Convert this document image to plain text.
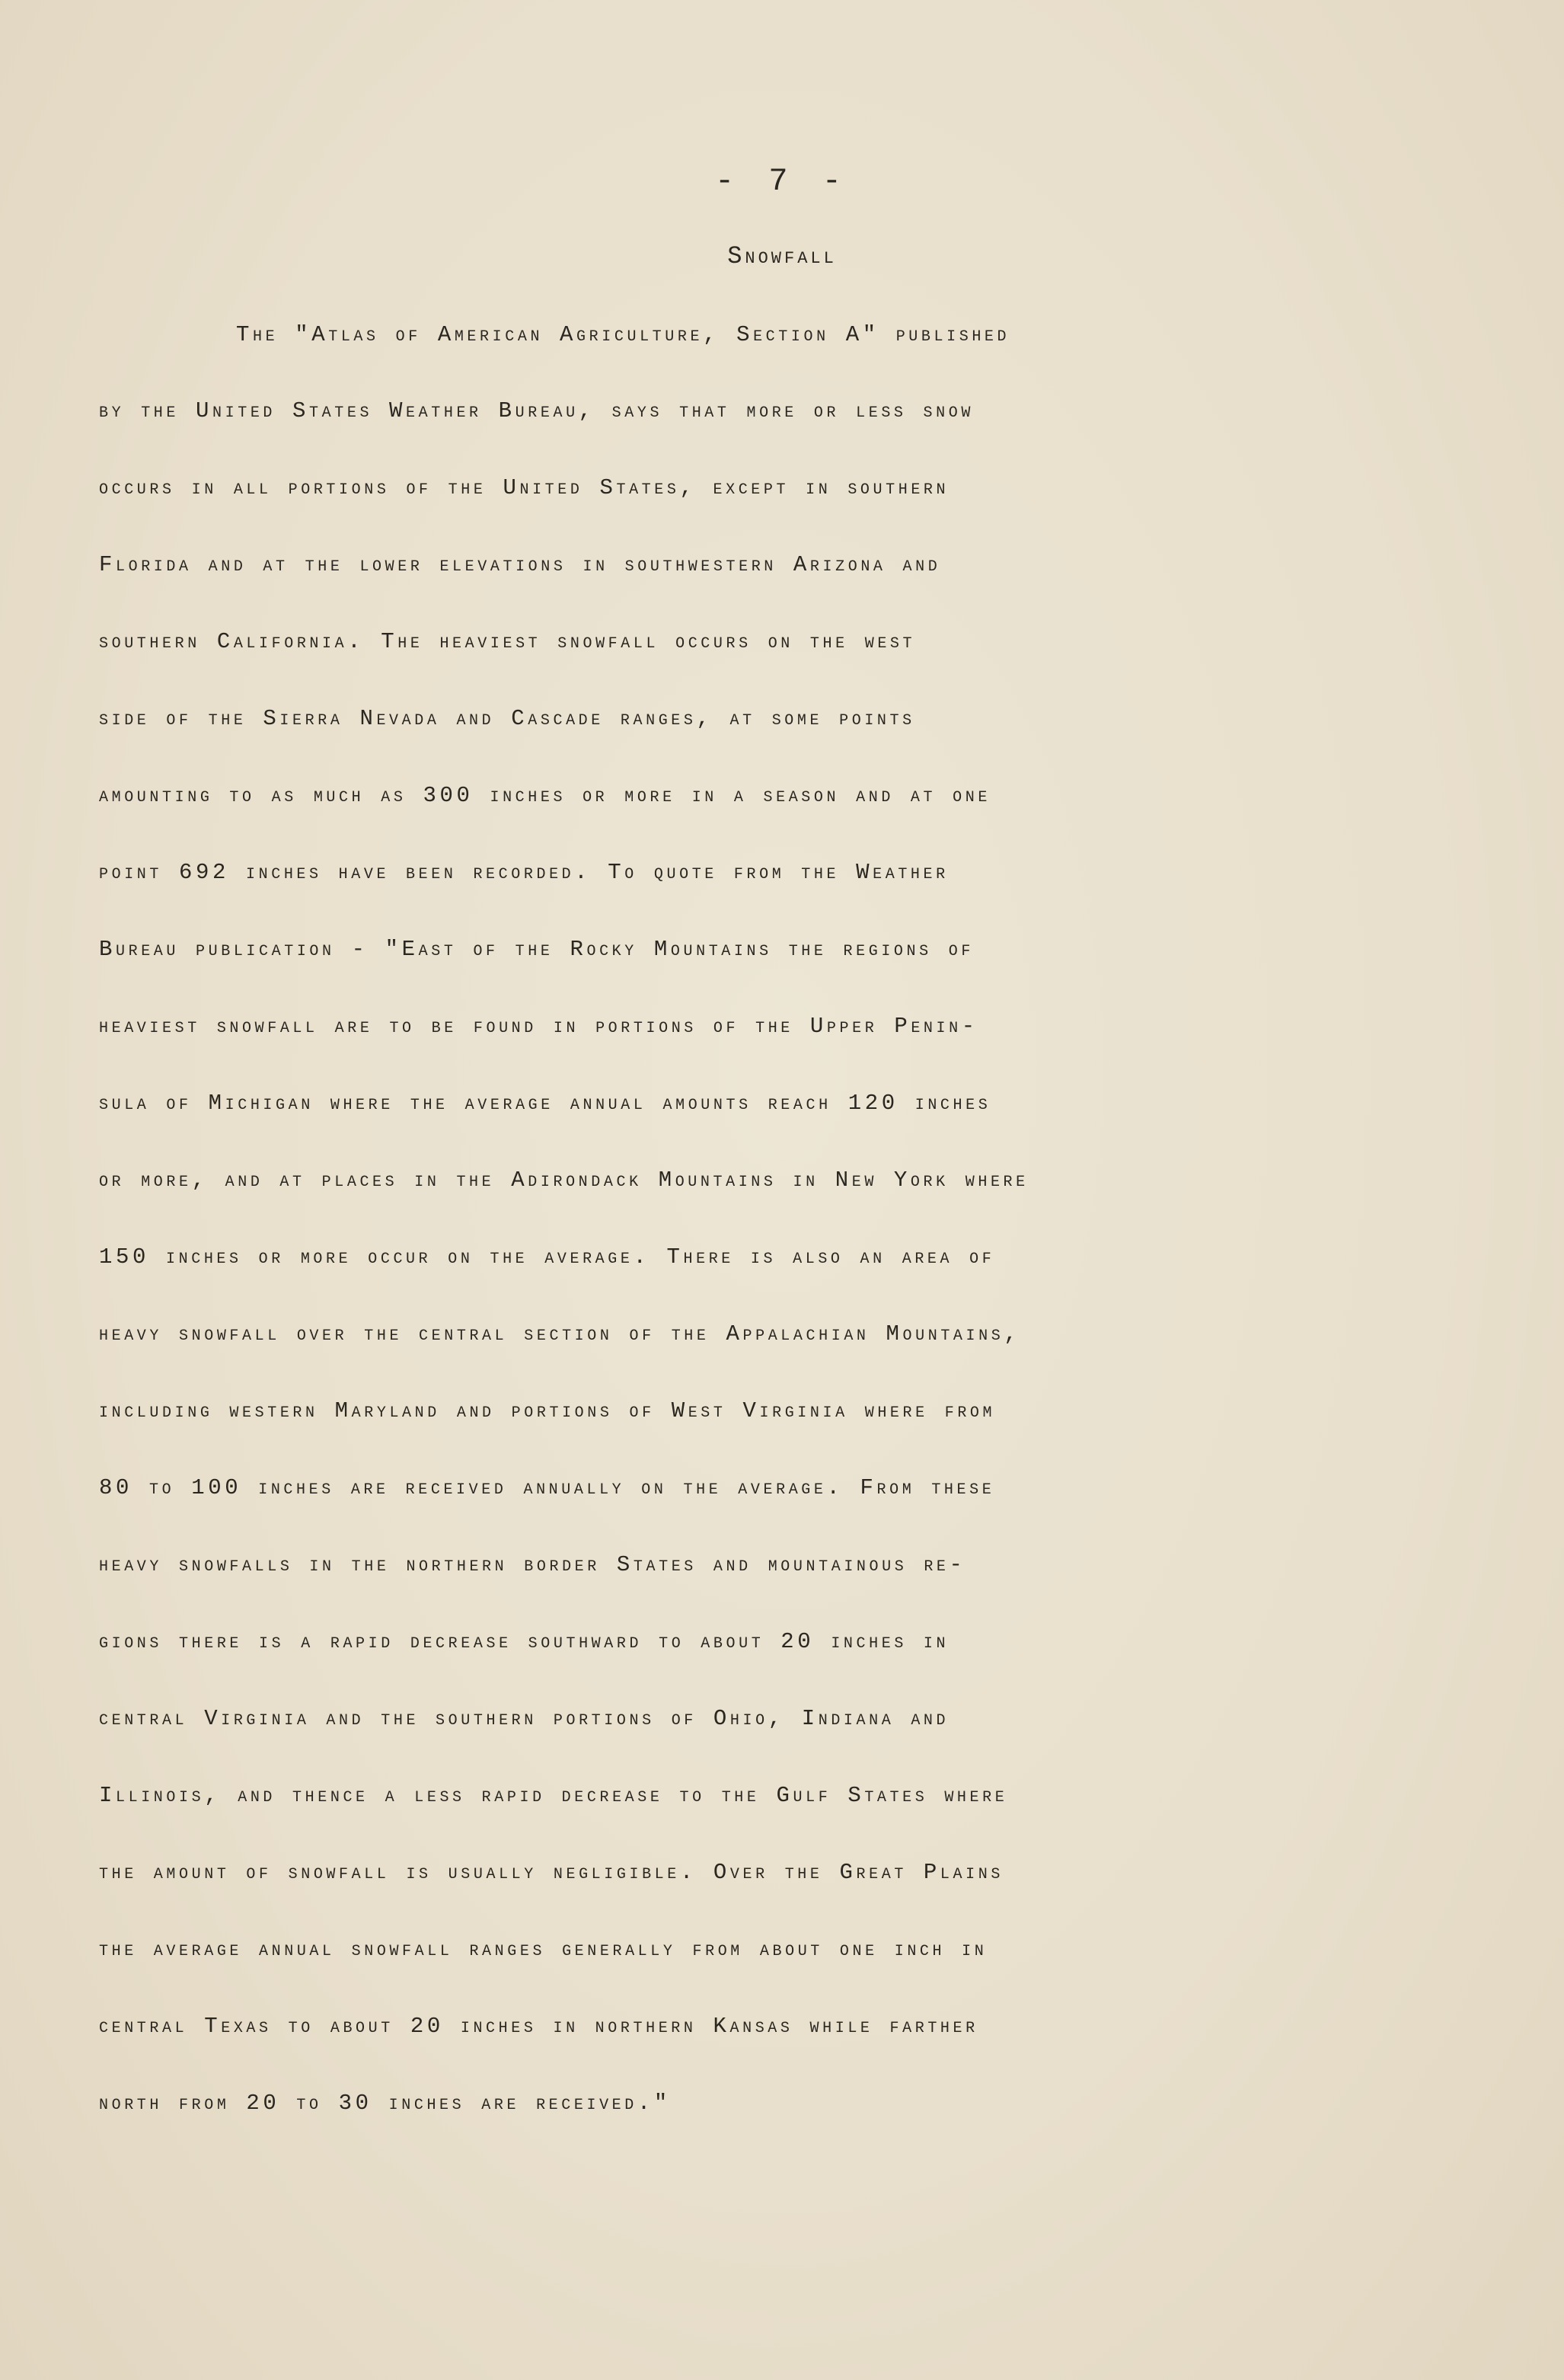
- 7 -
Snowfall
The "Atlas of American Agriculture, Section A" published
by the United States Weather Bureau, says that more or less snow
occurs in all portions of the United States, except in southern
Florida and at the lower elevations in southwestern Arizona and
southern California. The heaviest snowfall occurs on the west
side of the Sierra Nevada and Cascade ranges, at some points
amounting to as much as 300 inches or more in a season and at one
point 692 inches have been recorded. To quote from the Weather
Bureau publication - "East of the Rocky Mountains the regions of
heaviest snowfall are to be found in portions of the Upper Penin-
sula of Michigan where the average annual amounts reach 120 inches
or more, and at places in the Adirondack Mountains in New York where
150 inches or more occur on the average. There is also an area of
heavy snowfall over the central section of the Appalachian Mountains,
including western Maryland and portions of West Virginia where from
80 to 100 inches are received annually on the average. From these
heavy snowfalls in the northern border States and mountainous re-
gions there is a rapid decrease southward to about 20 inches in
central Virginia and the southern portions of Ohio, Indiana and
Illinois, and thence a less rapid decrease to the Gulf States where
the amount of snowfall is usually negligible. Over the Great Plains
the average annual snowfall ranges generally from about one inch in
central Texas to about 20 inches in northern Kansas while farther
north from 20 to 30 inches are received."
